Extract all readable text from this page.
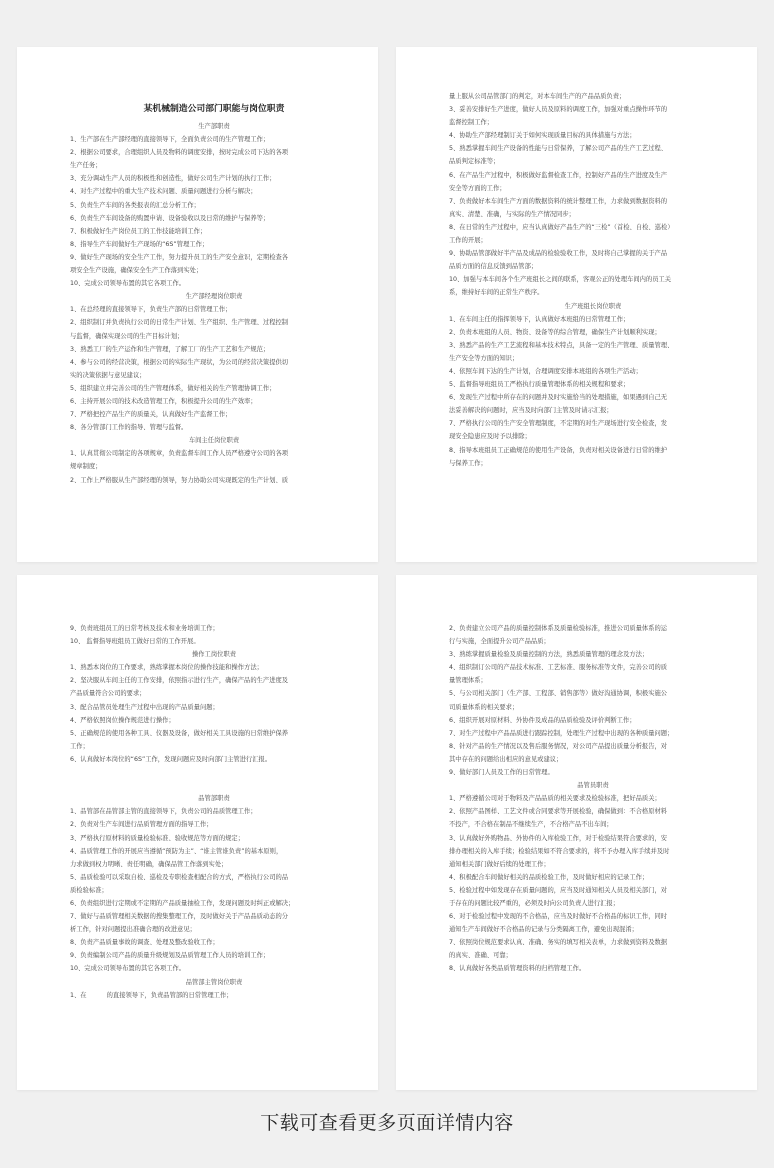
某机械制造公司部门职能与岗位职责
生产部职责
1、生产部在生产部经理的直接领导下，全面负责公司的生产管理工作；
2、根据公司要求，合理组织人员及物料的调度安排，按时完成公司下达的各项
生产任务；
3、充分调动生产人员的积极性和创造性，做好公司生产计划的执行工作；
4、对生产过程中的重大生产技术问题、质量问题进行分析与解决；
5、负责生产车间的各类报表的汇总分析工作；
6、负责生产车间设备的购置申请、设备验收以及日常的维护与保养等；
7、积极做好生产岗位员工的工作技能培训工作；
8、指导生产车间做好生产现场的“6S”管理工作；
9、做好生产现场的安全生产工作，努力提升员工的生产安全意识，定期检查各
项安全生产设施，确保安全生产工作落到实处；
10、完成公司领导布置的其它各项工作。
生产部经理岗位职责
1、在总经理的直接领导下，负责生产部的日常管理工作；
2、组织制订并负责执行公司的日常生产计划、生产组织、生产管理、过程控制
与监督，确保实现公司的生产目标计划；
3、熟悉工厂的生产运作和生产管理，了解工厂的生产工艺和生产规范；
4、参与公司的经营决策，根据公司的实际生产现状，为公司的经营决策提供切
实的决策依据与意见建议；
5、组织建立并完善公司的生产管理体系，做好相关的生产管理协调工作；
6、主持开展公司的技术改造管理工作，积极提升公司的生产效率；
7、严格把控产品生产的质量关，认真做好生产监督工作；
8、各分管部门工作的指导、管理与监督。
车间主任岗位职责
1、认真贯彻公司制定的各项规章，负责监督车间工作人员严格遵守公司的各项
规章制度；
2、工作上严格服从生产部经理的领导，努力协助公司实现既定的生产计划、质
量上服从公司品管部门的判定，对本车间生产的产品品质负责；
3、妥善安排好生产进度，做好人员及原料的调度工作，加强对重点操作环节的
监督控制工作；
4、协助生产部经理制订关于如何实现质量目标的具体措施与方法；
5、熟悉掌握车间生产设备的性能与日常保养，了解公司产品的生产工艺过程、
品质判定标准等；
6、在产品生产过程中，积极做好监督检查工作，控制好产品的生产进度及生产
安全等方面的工作；
7、负责做好本车间生产方面的数据资料的统计整理工作，力求做到数据资料的
真实、清楚、准确，与实际的生产情况同步；
8、在日常的生产过程中，应当认真做好产品生产的“三检”（首检、自检、巡检）
工作的开展；
9、协助品管部做好半产品及成品的检验验收工作，及时将自己掌握的关于产品
品质方面的信息反馈到品管部；
10、加强与本车间各个生产班组长之间的联系，客观公正的处理车间内的员工关
系，维持好车间的正常生产秩序。
生产班组长岗位职责
1、在车间主任的指挥领导下，认真做好本班组的日常管理工作；
2、负责本班组的人员、物资、设备等的综合管理，确保生产计划顺利实现；
3、熟悉产品的生产工艺流程和基本技术特点，具备一定的生产管理、质量管理、
生产安全等方面的知识；
4、依照车间下达的生产计划，合理调度安排本班组的各项生产活动；
5、监督指导班组员工严格执行质量管理体系的相关规程和要求；
6、发现生产过程中所存在的问题并及时实施恰当的处理措施，如果遇到自己无
法妥善解决的问题时，应当及时向部门主管及时请示汇报；
7、严格执行公司的生产安全管理制度，不定期的对生产现场进行安全检查，发
现安全隐患应及时予以排除；
8、指导本班组员工正确规范的使用生产设备，负责对相关设备进行日常的维护
与保养工作；
9、负责班组员工的日常考核及技术和业务培训工作；
10、 监督指导班组员工做好日常的工作开展。
操作工岗位职责
1、熟悉本岗位的工作要求，熟练掌握本岗位的操作技能和操作方法；
2、坚决服从车间主任的工作安排，依照指示进行生产，确保产品的生产进度及
产品质量符合公司的要求；
3、配合品管员处理生产过程中出现的产品质量问题；
4、严格依照岗位操作规范进行操作；
5、正确规范的使用各种工具、仪器及设备，做好相关工具设施的日常维护保养
工作；
6、认真做好本岗位的“6S”工作，发现问题应及时向部门主管进行汇报。
品管部职责
1、品管部在品管部主管的直接领导下，负责公司的品质管理工作；
2、负责对生产车间进行品质管理方面的指导工作；
3、严格执行原材料的质量检验标准、验收规范等方面的规定；
4、品质管理工作的开展应当遵循“预防为主”、“谁主管谁负责”的基本原则，
力求做到权力明晰、责任明确，确保品管工作落到实处；
5、品质检验可以采取自检、巡检及专职检查相配合的方式，严格执行公司的品
质检验标准；
6、负责组织进行定期或不定期的产品质量抽检工作，发现问题及时纠正或解决；
7、做好与品质管理相关数据的搜集整理工作，及时做好关于产品品质动态的分
析工作，针对问题提出准确合理的改进意见；
8、负责产品质量事故的调查、处理及整改验收工作；
9、负责编制公司产品的质量升级规划及品质管理工作人员的培训工作；
10、完成公司领导布置的其它各项工作。
品管部主管岗位职责
1、在          的直接领导下，负责品管部的日常管理工作；
2、负责建立公司产品的质量控制体系及质量检验标准，推进公司质量体系的运
行与实施，全面提升公司产品品质；
3、熟练掌握质量检验及质量控制的方法，熟悉质量管理的理念及方法；
4、组织制订公司的产品技术标准、工艺标准、服务标准等文件，完善公司的质
量管理体系；
5、与公司相关部门（生产部、工程部、销售部等）做好沟通协调，积极实施公
司质量体系的相关要求；
6、组织开展对原材料、外协件及成品的品质检验及评价判断工作；
7、对生产过程中产品品质进行跟踪控制，处理生产过程中出现的各种质量问题；
8、针对产品的生产情况以及售后服务情况，对公司产品提出质量分析报告，对
其中存在的问题给出相应的意见或建议；
9、做好部门人员及工作的日常管理。
品管员职责
1、严格遵循公司对于物料及产品品质的相关要求及检验标准，把好品质关；
2、依照产品图样、工艺文件或合同要求等开展检验，确保做到：不合格原材料
不投产，不合格在制品不继续生产，不合格产品不出车间；
3、认真做好外购物品、外协件的入库检验工作，对于检验结果符合要求的，安
排办理相关的入库手续；检验结果如不符合要求的，将不予办理入库手续并及时
通知相关部门做好后续的处理工作；
4、积极配合车间做好相关的品质检验工作，及时做好相应的记录工作；
5、检验过程中如发现存在质量问题的，应当及时通知相关人员及相关部门，对
于存在的问题比较严重的，必须及时向公司负责人进行汇报；
6、对于检验过程中发现的不合格品，应当及时做好不合格品的标识工作，同时
通知生产车间做好不合格品的记录与分类隔离工作，避免出现混淆；
7、依照岗位规范要求认真、准确、务实的填写相关表单，力求做到资料及数据
的真实、准确、可靠；
8、认真做好各类品质管理资料的归档管理工作。
下载可查看更多页面详情内容
